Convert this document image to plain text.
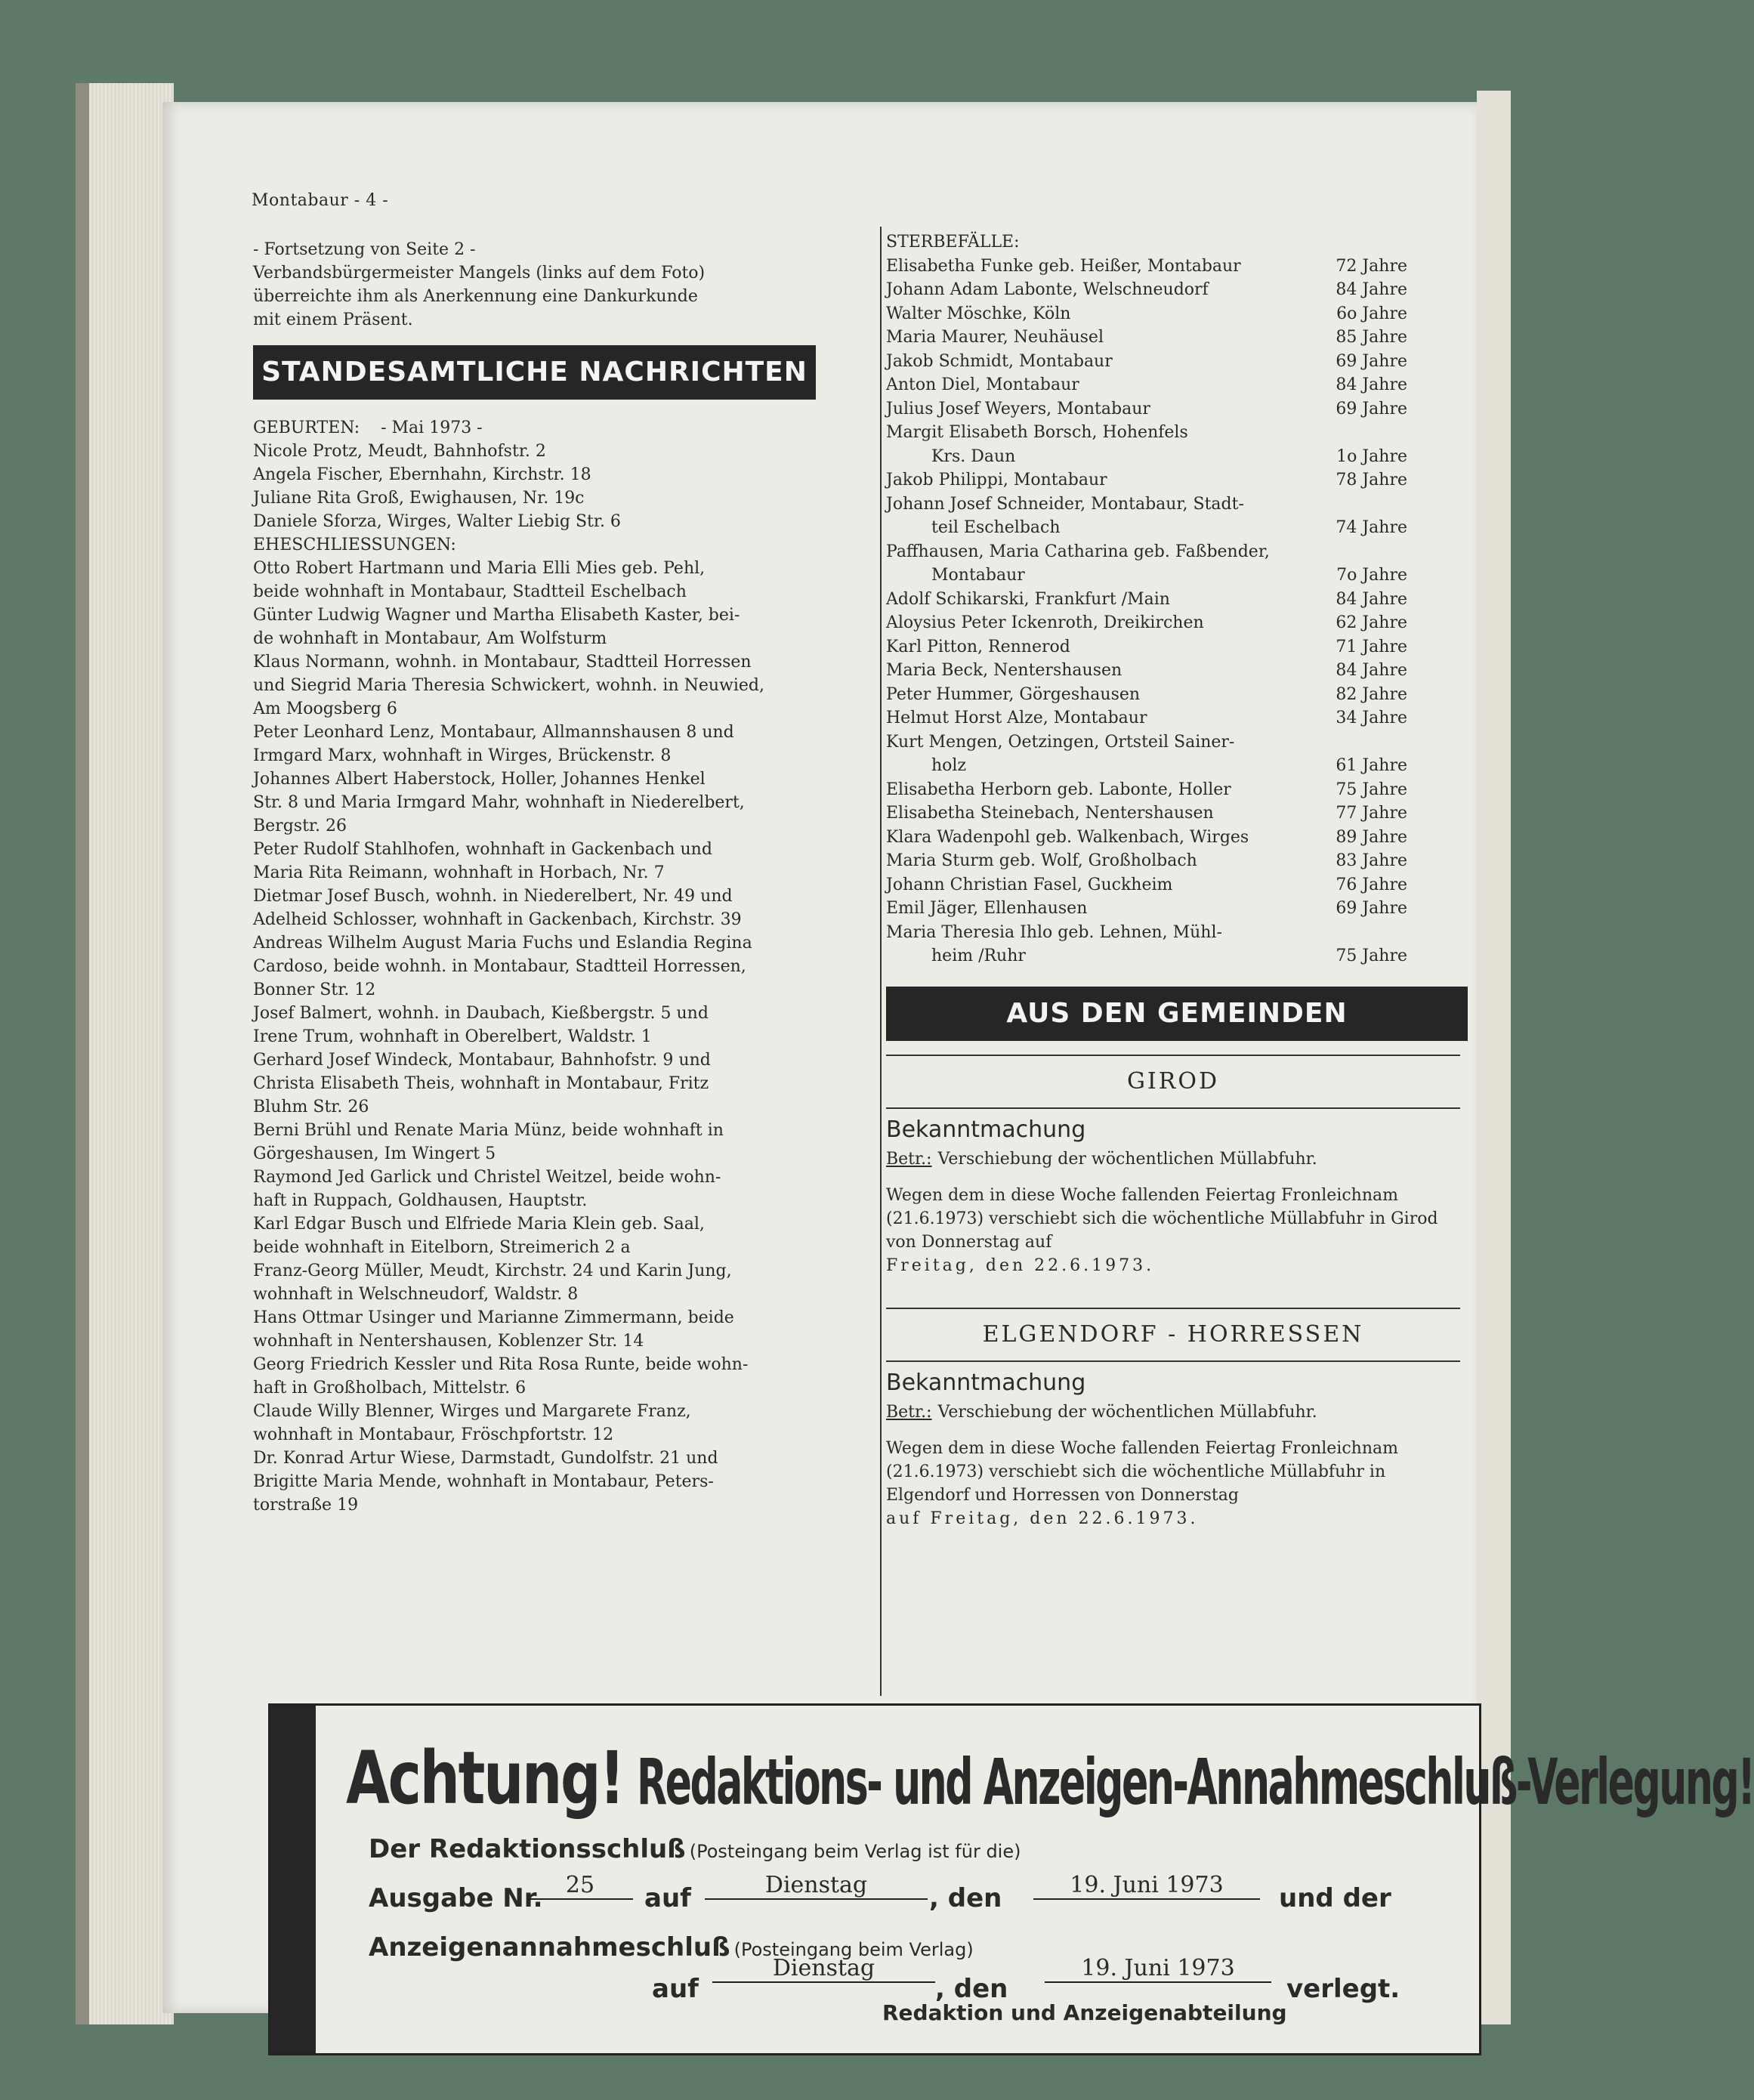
Montabaur - 4 -

- Fortsetzung von Seite 2 -

Verbandsbürgermeister Mangels (links auf dem Foto)

überreichte ihm als Anerkennung eine Dankurkunde

mit einem Präsent.

STANDESAMTLICHE NACHRICHTEN

GEBURTEN:    - Mai 1973 -

Nicole Protz, Meudt, Bahnhofstr. 2

Angela Fischer, Ebernhahn, Kirchstr. 18

Juliane Rita Groß, Ewighausen, Nr. 19c

Daniele Sforza, Wirges, Walter Liebig Str. 6

EHESCHLIESSUNGEN:

Otto Robert Hartmann und Maria Elli Mies geb. Pehl,

beide wohnhaft in Montabaur, Stadtteil Eschelbach

Günter Ludwig Wagner und Martha Elisabeth Kaster, bei-

de wohnhaft in Montabaur, Am Wolfsturm

Klaus Normann, wohnh. in Montabaur, Stadtteil Horressen

und Siegrid Maria Theresia Schwickert, wohnh. in Neuwied,

Am Moogsberg 6

Peter Leonhard Lenz, Montabaur, Allmannshausen 8 und

Irmgard Marx, wohnhaft in Wirges, Brückenstr. 8

Johannes Albert Haberstock, Holler, Johannes Henkel

Str. 8 und Maria Irmgard Mahr, wohnhaft in Niederelbert,

Bergstr. 26

Peter Rudolf Stahlhofen, wohnhaft in Gackenbach und

Maria Rita Reimann, wohnhaft in Horbach, Nr. 7

Dietmar Josef Busch, wohnh. in Niederelbert, Nr. 49 und

Adelheid Schlosser, wohnhaft in Gackenbach, Kirchstr. 39

Andreas Wilhelm August Maria Fuchs und Eslandia Regina

Cardoso, beide wohnh. in Montabaur, Stadtteil Horressen,

Bonner Str. 12

Josef Balmert, wohnh. in Daubach, Kießbergstr. 5 und

Irene Trum, wohnhaft in Oberelbert, Waldstr. 1

Gerhard Josef Windeck, Montabaur, Bahnhofstr. 9 und

Christa Elisabeth Theis, wohnhaft in Montabaur, Fritz

Bluhm Str. 26

Berni Brühl und Renate Maria Münz, beide wohnhaft in

Görgeshausen, Im Wingert 5

Raymond Jed Garlick und Christel Weitzel, beide wohn-

haft in Ruppach, Goldhausen, Hauptstr.

Karl Edgar Busch und Elfriede Maria Klein geb. Saal,

beide wohnhaft in Eitelborn, Streimerich 2 a

Franz-Georg Müller, Meudt, Kirchstr. 24 und Karin Jung,

wohnhaft in Welschneudorf, Waldstr. 8

Hans Ottmar Usinger und Marianne Zimmermann, beide

wohnhaft in Nentershausen, Koblenzer Str. 14

Georg Friedrich Kessler und Rita Rosa Runte, beide wohn-

haft in Großholbach, Mittelstr. 6

Claude Willy Blenner, Wirges und Margarete Franz,

wohnhaft in Montabaur, Fröschpfortstr. 12

Dr. Konrad Artur Wiese, Darmstadt, Gundolfstr. 21 und

Brigitte Maria Mende, wohnhaft in Montabaur, Peters-

torstraße 19

STERBEFÄLLE:

Elisabetha Funke geb. Heißer, Montabaur	72 Jahre
Johann Adam Labonte, Welschneudorf	84 Jahre
Walter Möschke, Köln	6o Jahre
Maria Maurer, Neuhäusel	85 Jahre
Jakob Schmidt, Montabaur	69 Jahre
Anton Diel, Montabaur	84 Jahre
Julius Josef Weyers, Montabaur	69 Jahre
Margit Elisabeth Borsch, Hohenfels
Krs. Daun	1o Jahre
Jakob Philippi, Montabaur	78 Jahre
Johann Josef Schneider, Montabaur, Stadt-
teil Eschelbach	74 Jahre
Paffhausen, Maria Catharina geb. Faßbender,
Montabaur	7o Jahre
Adolf Schikarski, Frankfurt /Main	84 Jahre
Aloysius Peter Ickenroth, Dreikirchen	62 Jahre
Karl Pitton, Rennerod	71 Jahre
Maria Beck, Nentershausen	84 Jahre
Peter Hummer, Görgeshausen	82 Jahre
Helmut Horst Alze, Montabaur	34 Jahre
Kurt Mengen, Oetzingen, Ortsteil Sainer-
holz	61 Jahre
Elisabetha Herborn geb. Labonte, Holler	75 Jahre
Elisabetha Steinebach, Nentershausen	77 Jahre
Klara Wadenpohl geb. Walkenbach, Wirges	89 Jahre
Maria Sturm geb. Wolf, Großholbach	83 Jahre
Johann Christian Fasel, Guckheim	76 Jahre
Emil Jäger, Ellenhausen	69 Jahre
Maria Theresia Ihlo geb. Lehnen, Mühl-
heim /Ruhr	75 Jahre
AUS DEN GEMEINDEN
GIROD
Bekanntmachung
Betr.: Verschiebung der wöchentlichen Müllabfuhr.
Wegen dem in diese Woche fallenden Feiertag Fronleichnam (21.6.1973) verschiebt sich die wöchentliche Müllabfuhr in Girod von Donnerstag auf
Freitag, den 22.6.1973.
ELGENDORF - HORRESSEN
Bekanntmachung
Betr.: Verschiebung der wöchentlichen Müllabfuhr.
Wegen dem in diese Woche fallenden Feiertag Fronleichnam (21.6.1973) verschiebt sich die wöchentliche Müllabfuhr in Elgendorf und Horressen von Donnerstag
auf Freitag, den 22.6.1973.
Achtung! Redaktions- und Anzeigen-Annahmeschluß-Verlegung!
Der Redaktionsschluß (Posteingang beim Verlag ist für die)
Ausgabe Nr.	25	auf	Dienstag	, den	19. Juni 1973	und der
Anzeigenannahmeschluß (Posteingang beim Verlag)
auf
Dienstag
, den
19. Juni 1973
verlegt.
Redaktion und Anzeigenabteilung
